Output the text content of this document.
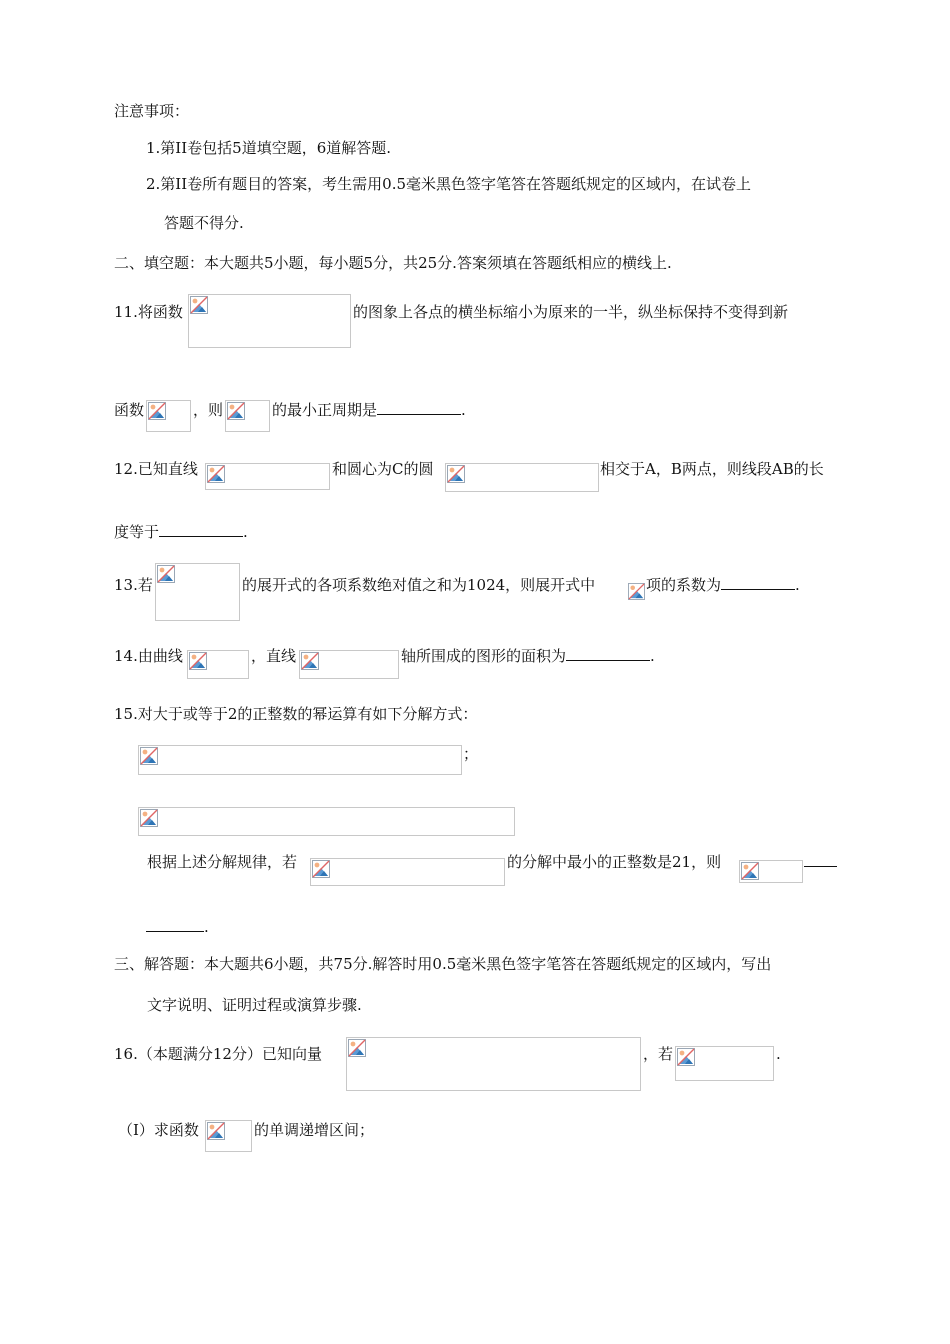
注意事项：
1.第II卷包括5道填空题，6道解答题.
2.第II卷所有题目的答案，考生需用0.5毫米黑色签字笔答在答题纸规定的区域内，在试卷上
答题不得分.
二、填空题：本大题共5小题，每小题5分，共25分.答案须填在答题纸相应的横线上.
11.将函数	的图象上各点的横坐标缩小为原来的一半，纵坐标保持不变得到新
函数	，则	的最小正周期是	.
12.已知直线	和圆心为C的圆	相交于A，B两点，则线段AB的长
度等于	.
13.若	的展开式的各项系数绝对值之和为1024，则展开式中	项的系数为	.
14.由曲线	，直线	轴所围成的图形的面积为	.
15.对大于或等于2的正整数的幂运算有如下分解方式：
；
根据上述分解规律，若	的分解中最小的正整数是21，则
.
三、解答题：本大题共6小题，共75分.解答时用0.5毫米黑色签字笔答在答题纸规定的区域内，写出
文字说明、证明过程或演算步骤.
16.（本题满分12分）已知向量	，若	.
（I）求函数	的单调递增区间；
